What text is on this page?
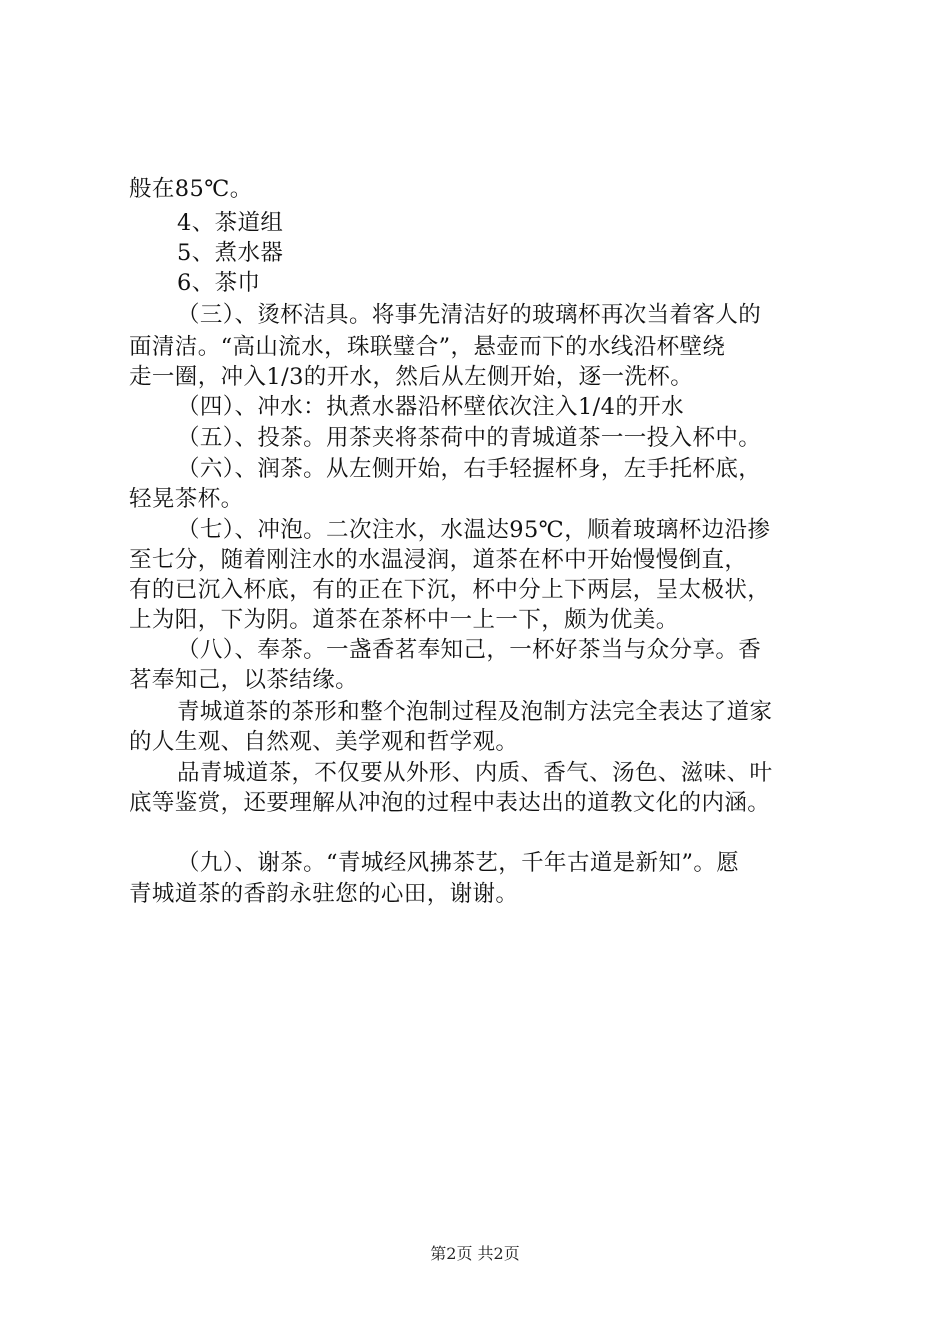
般在85℃。
4、茶道组
5、煮水器
6、茶巾
（三）、烫杯洁具。将事先清洁好的玻璃杯再次当着客人的
面清洁。“高山流水，珠联璧合”，悬壶而下的水线沿杯壁绕
走一圈，冲入1/3的开水，然后从左侧开始，逐一洗杯。
（四）、冲水：执煮水器沿杯壁依次注入1/4的开水
（五）、投茶。用茶夹将茶荷中的青城道茶一一投入杯中。
（六）、润茶。从左侧开始，右手轻握杯身，左手托杯底，
轻晃茶杯。
（七）、冲泡。二次注水，水温达95℃，顺着玻璃杯边沿掺
至七分，随着刚注水的水温浸润，道茶在杯中开始慢慢倒直，
有的已沉入杯底，有的正在下沉，杯中分上下两层，呈太极状，
上为阳，下为阴。道茶在茶杯中一上一下，颇为优美。
（八）、奉茶。一盏香茗奉知己，一杯好茶当与众分享。香
茗奉知己，以茶结缘。
青城道茶的茶形和整个泡制过程及泡制方法完全表达了道家
的人生观、自然观、美学观和哲学观。
品青城道茶，不仅要从外形、内质、香气、汤色、滋味、叶
底等鉴赏，还要理解从冲泡的过程中表达出的道教文化的内涵。
（九）、谢茶。“青城经风拂茶艺，千年古道是新知”。愿
青城道茶的香韵永驻您的心田，谢谢。
第2页 共2页
